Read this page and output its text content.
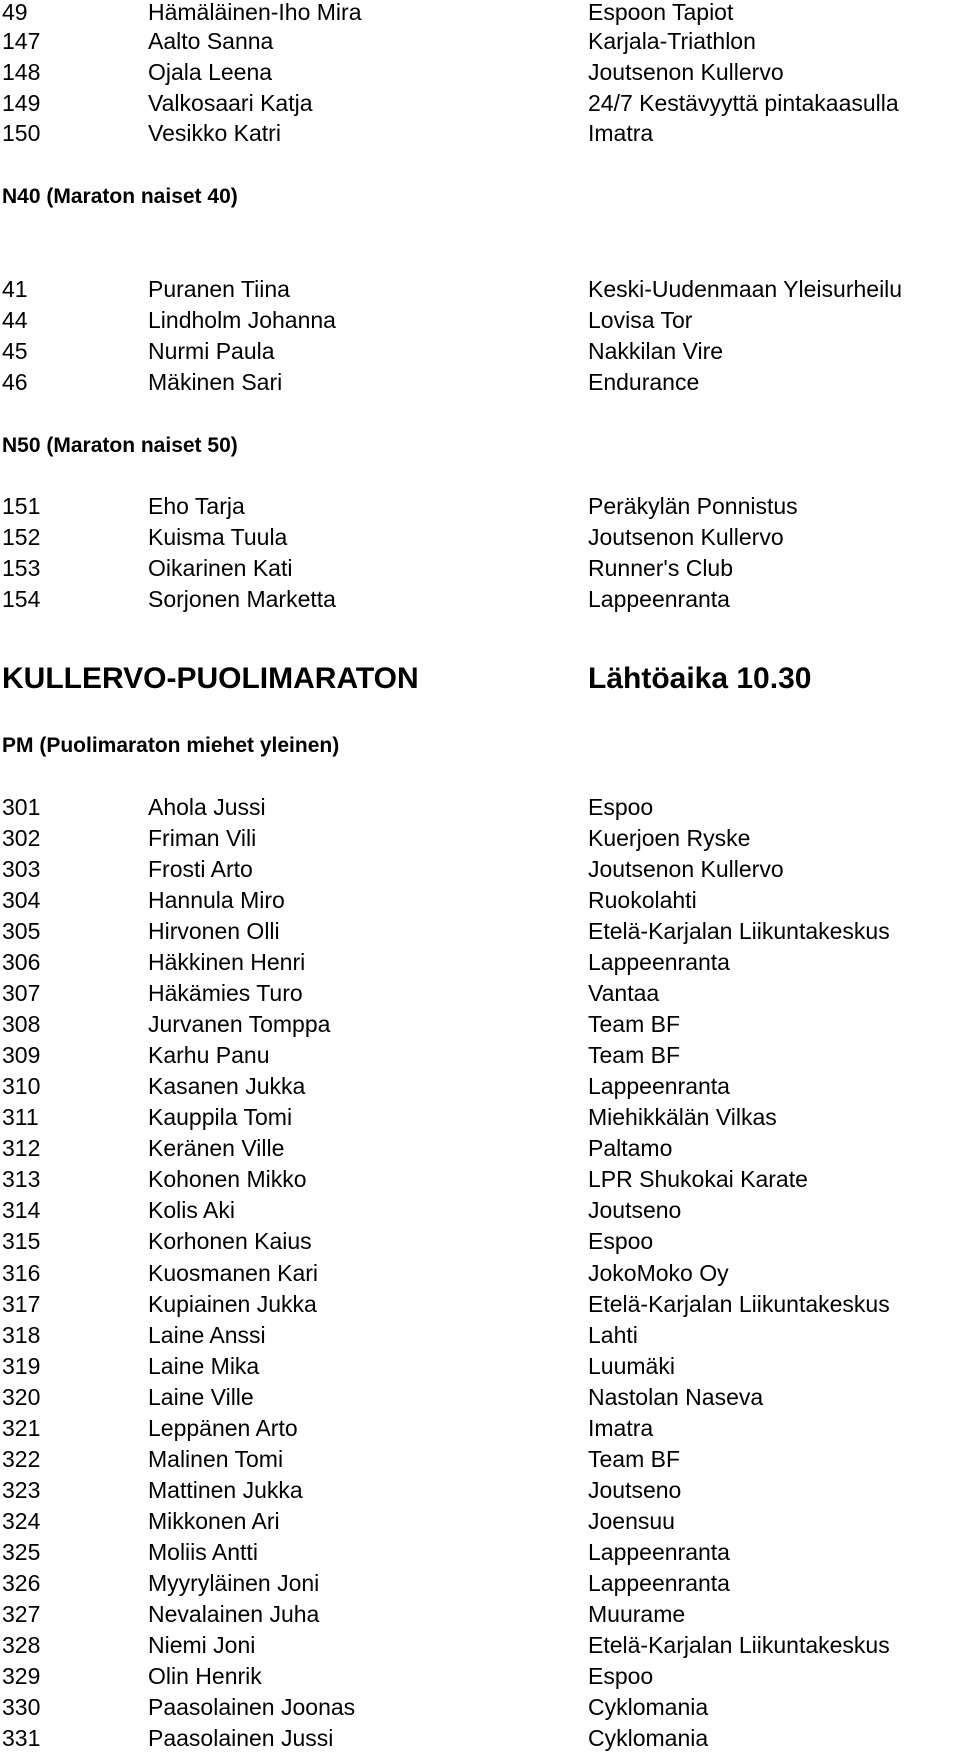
49	Hämäläinen-Iho Mira	Espoon Tapiot
147	Aalto Sanna	Karjala-Triathlon
148	Ojala Leena	Joutsenon Kullervo
149	Valkosaari Katja	24/7 Kestävyyttä pintakaasulla
150	Vesikko Katri	Imatra
N40 (Maraton naiset 40)
41	Puranen Tiina	Keski-Uudenmaan Yleisurheilu
44	Lindholm Johanna	Lovisa Tor
45	Nurmi Paula	Nakkilan Vire
46	Mäkinen Sari	Endurance
N50 (Maraton naiset 50)
151	Eho Tarja	Peräkylän Ponnistus
152	Kuisma Tuula	Joutsenon Kullervo
153	Oikarinen Kati	Runner's Club
154	Sorjonen Marketta	Lappeenranta
KULLERVO-PUOLIMARATON	Lähtöaika 10.30
PM (Puolimaraton miehet yleinen)
301	Ahola Jussi	Espoo
302	Friman Vili	Kuerjoen Ryske
303	Frosti Arto	Joutsenon Kullervo
304	Hannula Miro	Ruokolahti
305	Hirvonen Olli	Etelä-Karjalan Liikuntakeskus
306	Häkkinen Henri	Lappeenranta
307	Häkämies Turo	Vantaa
308	Jurvanen Tomppa	Team BF
309	Karhu Panu	Team BF
310	Kasanen Jukka	Lappeenranta
311	Kauppila Tomi	Miehikkälän Vilkas
312	Keränen Ville	Paltamo
313	Kohonen Mikko	LPR Shukokai Karate
314	Kolis Aki	Joutseno
315	Korhonen Kaius	Espoo
316	Kuosmanen Kari	JokoMoko Oy
317	Kupiainen Jukka	Etelä-Karjalan Liikuntakeskus
318	Laine Anssi	Lahti
319	Laine Mika	Luumäki
320	Laine Ville	Nastolan Naseva
321	Leppänen Arto	Imatra
322	Malinen Tomi	Team BF
323	Mattinen Jukka	Joutseno
324	Mikkonen Ari	Joensuu
325	Moliis Antti	Lappeenranta
326	Myyryläinen Joni	Lappeenranta
327	Nevalainen Juha	Muurame
328	Niemi Joni	Etelä-Karjalan Liikuntakeskus
329	Olin Henrik	Espoo
330	Paasolainen Joonas	Cyklomania
331	Paasolainen Jussi	Cyklomania
